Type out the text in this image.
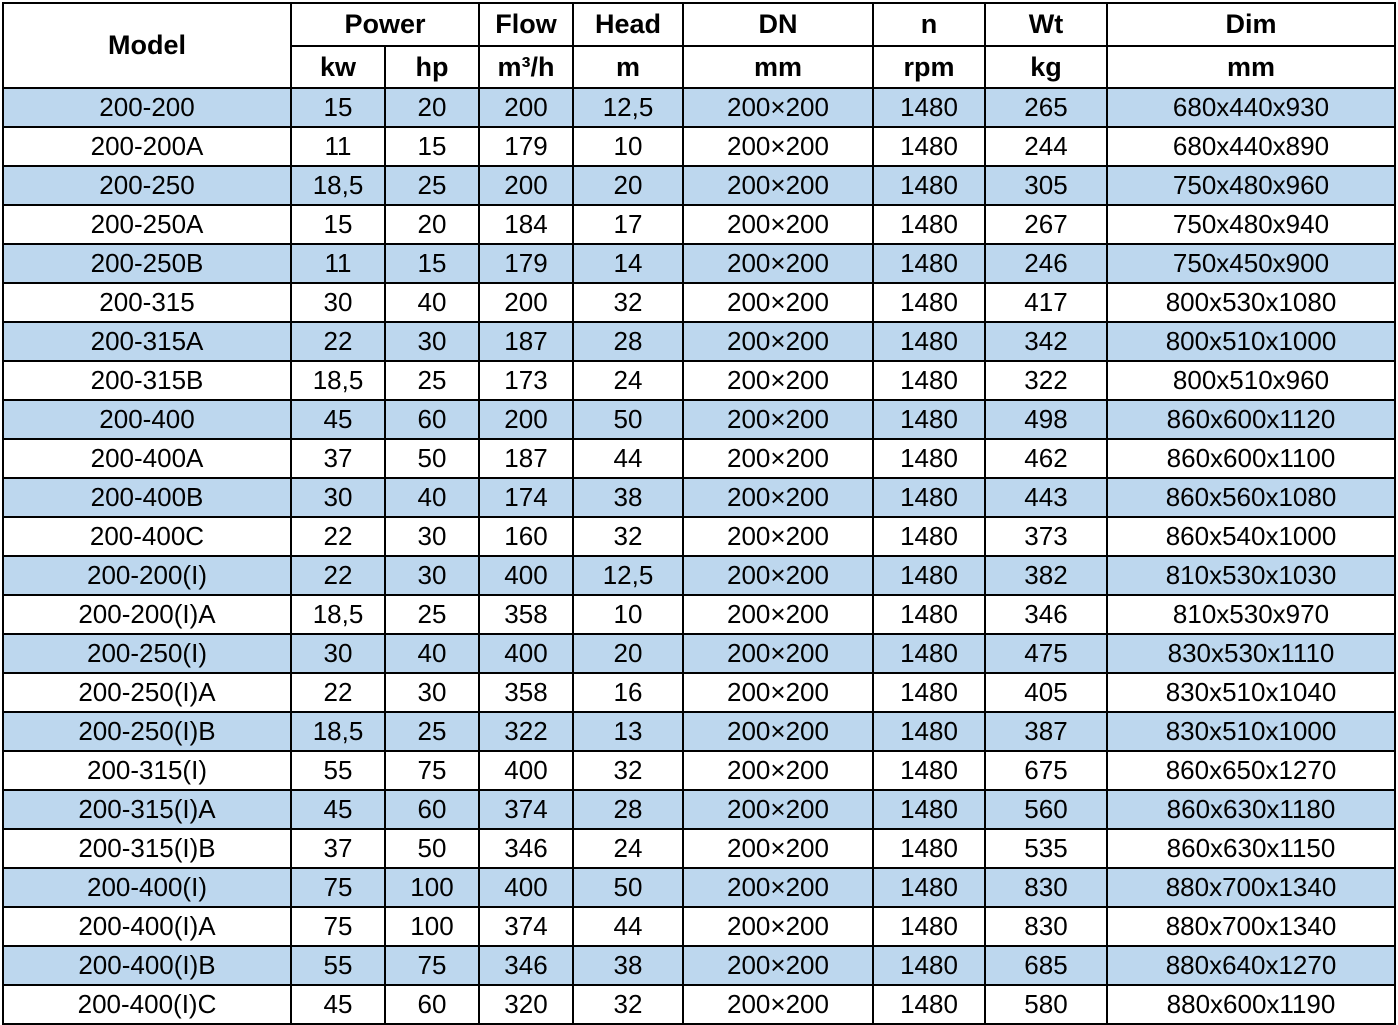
Model	Power		Flow	Head	DN	n	Wt	Dim
	kw	hp	m³/h	m	mm	rpm	kg	mm
200-200	15	20	200	12,5	200×200	1480	265	680x440x930
200-200A	11	15	179	10	200×200	1480	244	680x440x890
200-250	18,5	25	200	20	200×200	1480	305	750x480x960
200-250A	15	20	184	17	200×200	1480	267	750x480x940
200-250B	11	15	179	14	200×200	1480	246	750x450x900
200-315	30	40	200	32	200×200	1480	417	800x530x1080
200-315A	22	30	187	28	200×200	1480	342	800x510x1000
200-315B	18,5	25	173	24	200×200	1480	322	800x510x960
200-400	45	60	200	50	200×200	1480	498	860x600x1120
200-400A	37	50	187	44	200×200	1480	462	860x600x1100
200-400B	30	40	174	38	200×200	1480	443	860x560x1080
200-400C	22	30	160	32	200×200	1480	373	860x540x1000
200-200(I)	22	30	400	12,5	200×200	1480	382	810x530x1030
200-200(I)A	18,5	25	358	10	200×200	1480	346	810x530x970
200-250(I)	30	40	400	20	200×200	1480	475	830x530x1110
200-250(I)A	22	30	358	16	200×200	1480	405	830x510x1040
200-250(I)B	18,5	25	322	13	200×200	1480	387	830x510x1000
200-315(I)	55	75	400	32	200×200	1480	675	860x650x1270
200-315(I)A	45	60	374	28	200×200	1480	560	860x630x1180
200-315(I)B	37	50	346	24	200×200	1480	535	860x630x1150
200-400(I)	75	100	400	50	200×200	1480	830	880x700x1340
200-400(I)A	75	100	374	44	200×200	1480	830	880x700x1340
200-400(I)B	55	75	346	38	200×200	1480	685	880x640x1270
200-400(I)C	45	60	320	32	200×200	1480	580	880x600x1190
